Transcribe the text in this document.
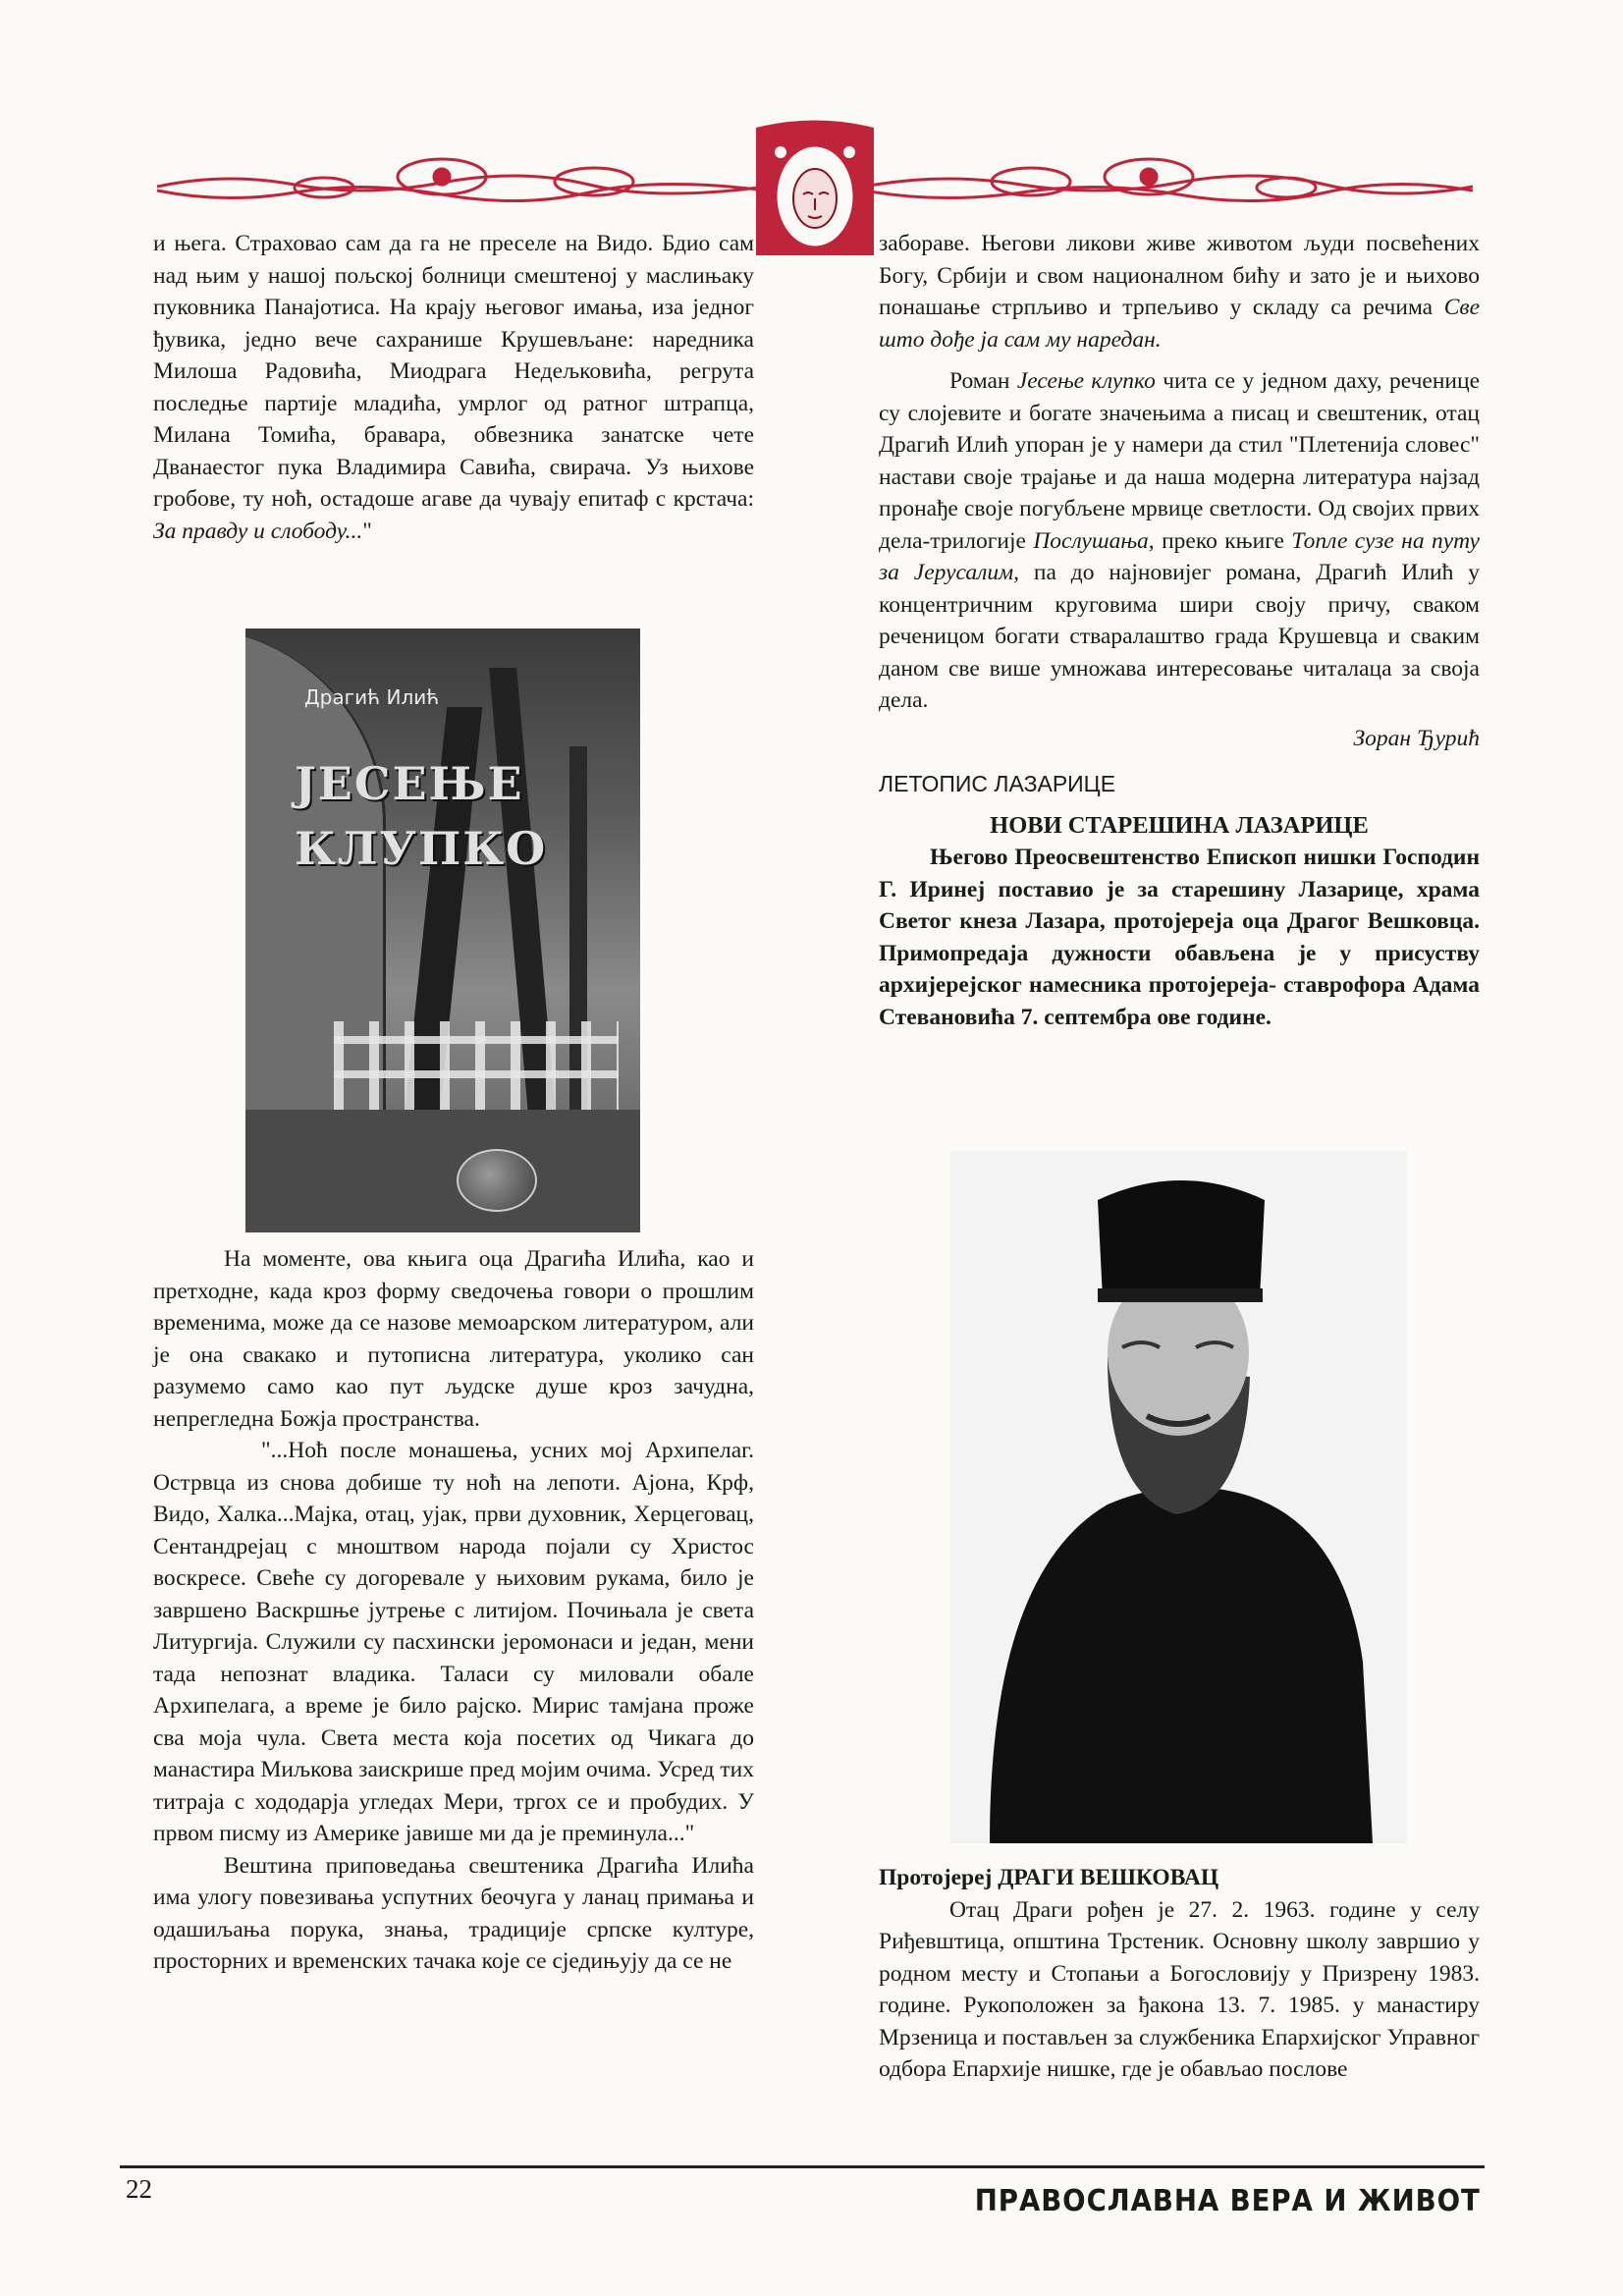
и њега. Страховао сам да га не преселе на Видо. Бдио сам над њим у нашој пољској болници смештеној у маслињаку пуковника Панајотиса. На крају његовог имања, иза једног ђувика, једно вече сахранише Крушевљане: наредника Милоша Радовића, Миодрага Недељковића, регрута последње партије младића, умрлог од ратног штрапца, Милана Томића, бравара, обвезника занатске чете Дванаестог пука Владимира Савића, свирача. Уз њихове гробове, ту ноћ, остадоше агаве да чувају епитаф с крстача: За правду и слободу..."

Драгић Илић
ЈЕСЕЊЕ
КЛУПКО

На моменте, ова књига оца Драгића Илића, као и претходне, када кроз форму сведочења говори о прошлим временима, може да се назове мемоарском литературом, али је она свакако и путописна литература, уколико сан разумемо само као пут људске душе кроз зачудна, непрегледна Божја пространства.

"...Ноћ после монашења, усних мој Архипелаг. Острвца из снова добише ту ноћ на лепоти. Ајона, Крф, Видо, Халка...Мајка, отац, ујак, први духовник, Херцеговац, Сентандрејац с мноштвом народа појали су Христос воскресе. Свеће су догоревале у њиховим рукама, било је завршено Васкршње јутрење с литијом. Почињала је света Литургија. Служили су пасхински јеромонаси и један, мени тада непознат владика. Таласи су миловали обале Архипелага, а време је било рајско. Мирис тамјана проже сва моја чула. Света места која посетих од Чикага до манастира Миљкова заискрише пред мојим очима. Усред тих титраја с хододарја угледах Мери, тргох се и пробудих. У првом писму из Америке јавише ми да је преминула..."

Вештина приповедања свештеника Драгића Илића има улогу повезивања успутних беочуга у ланац примања и одашиљања порука, знања, традиције српске културе, просторних и временских тачака које се сједињују да се не

забораве. Његови ликови живе животом људи посвећених Богу, Србији и свом националном бићу и зато је и њихово понашање стрпљиво и трпељиво у складу са речима Све што дође ја сам му наредан.

Роман Јесење клупко чита се у једном даху, реченице су слојевите и богате значењима а писац и свештеник, отац Драгић Илић упоран је у намери да стил "Плетенија словес" настави своје трајање и да наша модерна литература најзад пронађе своје погубљене мрвице светлости. Од својих првих дела-трилогије Послушања, преко књиге Топле сузе на путу за Јерусалим, па до најновијег романа, Драгић Илић у концентричним круговима шири своју причу, сваком реченицом богати стваралаштво града Крушевца и сваким даном све више умножава интересовање читалаца за своја дела.

Зоран Ђурић

ЛЕТОПИС ЛАЗАРИЦЕ

НОВИ СТАРЕШИНА ЛАЗАРИЦЕ

Његово Преосвештенство Епископ нишки Господин Г. Иринеј поставио је за старешину Лазарице, храма Светог кнеза Лазара, протојереја оца Драгог Вешковца. Примопредаја дужности обављена је у присуству архијерејског намесника протојереја- ставрофора Адама Стевановића 7. септембра ове године.

Протојереј ДРАГИ ВЕШКОВАЦ

Отац Драги рођен је 27. 2. 1963. године у селу Риђевштица, општина Трстеник. Основну школу завршио у родном месту и Стопањи а Богословију у Призрену 1983. године. Рукоположен за ђакона 13. 7. 1985. у манастиру Мрзеница и постављен за службеника Епархијског Управног одбора Епархије нишке, где је обављао послове

22	ПРАВОСЛАВНА ВЕРА И ЖИВОТ
